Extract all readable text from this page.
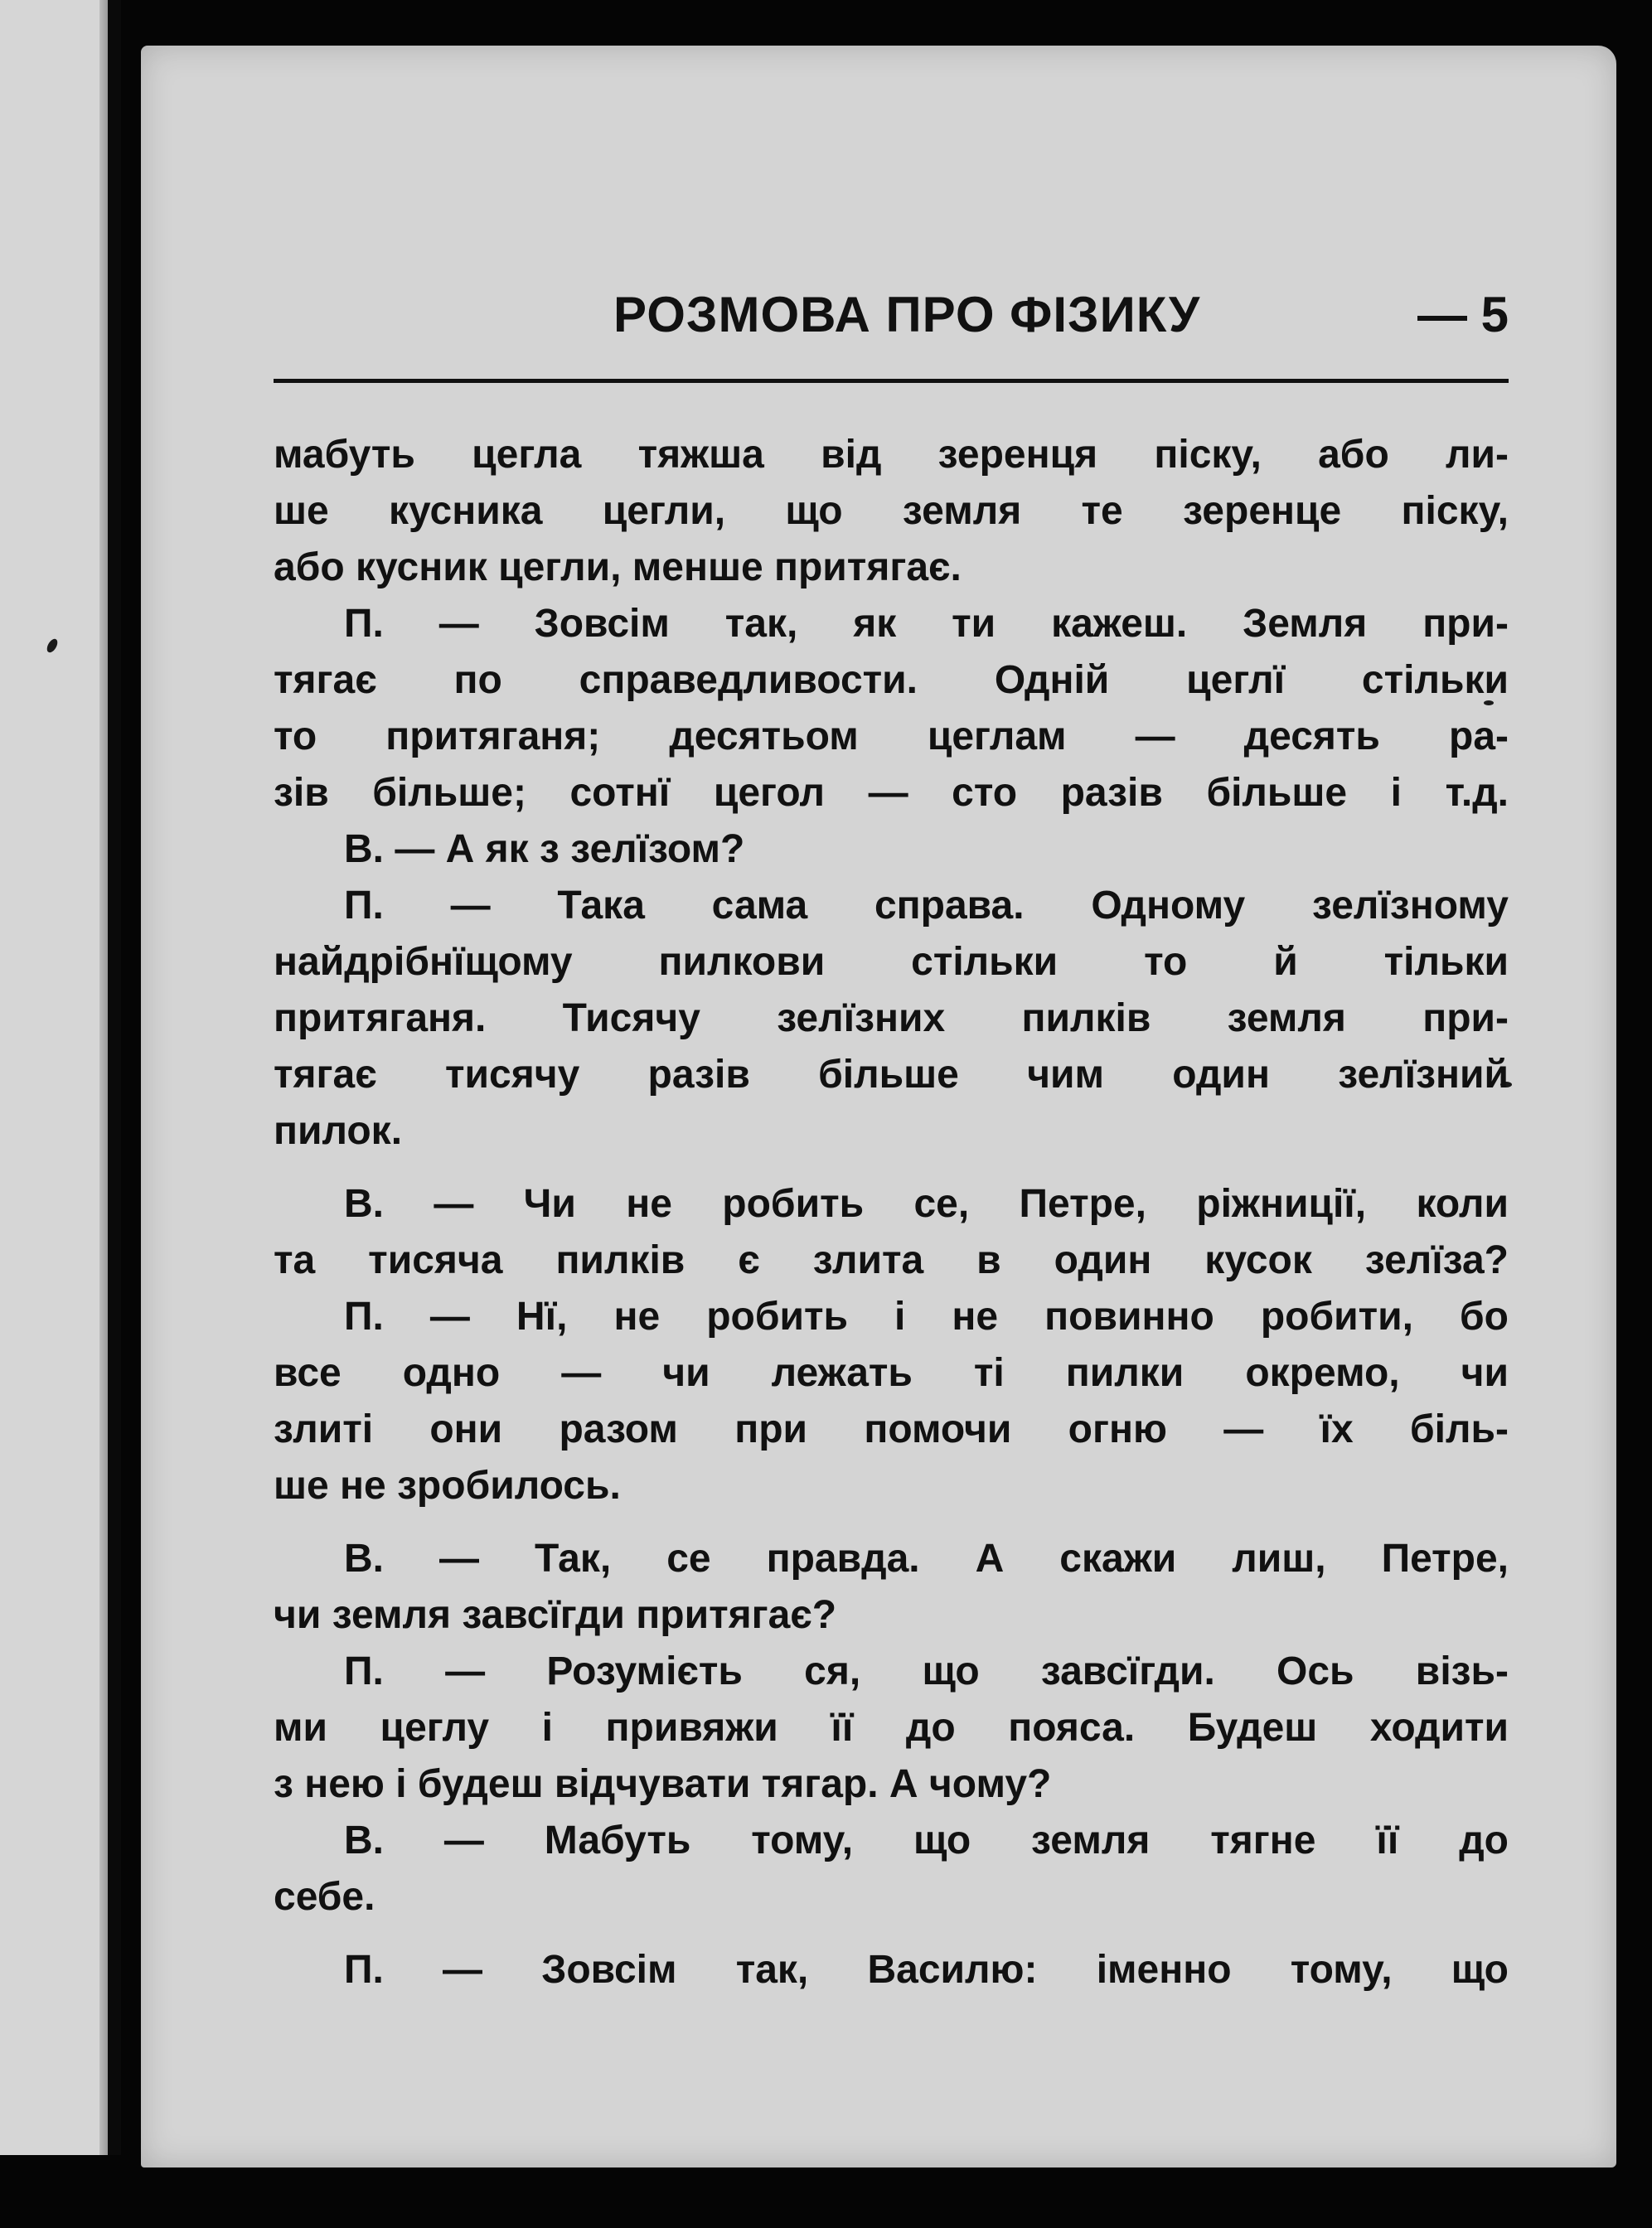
РОЗМОВА ПРО ФІЗИКУ	— 5
мабуть цегла тяжша від зеренця піску, або ли-
ше кусника цегли, що земля те зеренце піску,
або кусник цегли, менше притягає.
П. — Зовсім так, як ти кажеш. Земля при-
тягає по справедливости. Одній цеглї стільки
то притяганя; десятьом цеглам — десять ра-
зів більше; сотнї цегол — сто разів більше і т.д.
В. — А як з зелїзом?
П. — Така сама справа. Одному зелїзному
найдрібнїщому пилкови стільки то й тільки
притяганя. Тисячу зелїзних пилків земля при-
тягає тисячу разів більше чим один зелїзний
пилок.
В. — Чи не робить се, Петре, ріжниції, коли
та тисяча пилків є злита в один кусок зелїза?
П. — Нї, не робить і не повинно робити, бо
все одно — чи лежать ті пилки окремо, чи
злиті они разом при помочи огню — їх біль-
ше не зробилось.
В. — Так, се правда. А скажи лиш, Петре,
чи земля завсїгди притягає?
П. — Розумієть ся, що завсїгди. Ось візь-
ми цеглу і привяжи її до пояса. Будеш ходити
з нею і будеш відчувати тягар. А чому?
В. — Мабуть тому, що земля тягне її до
себе.
П. — Зовсім так, Василю: іменно тому, що
